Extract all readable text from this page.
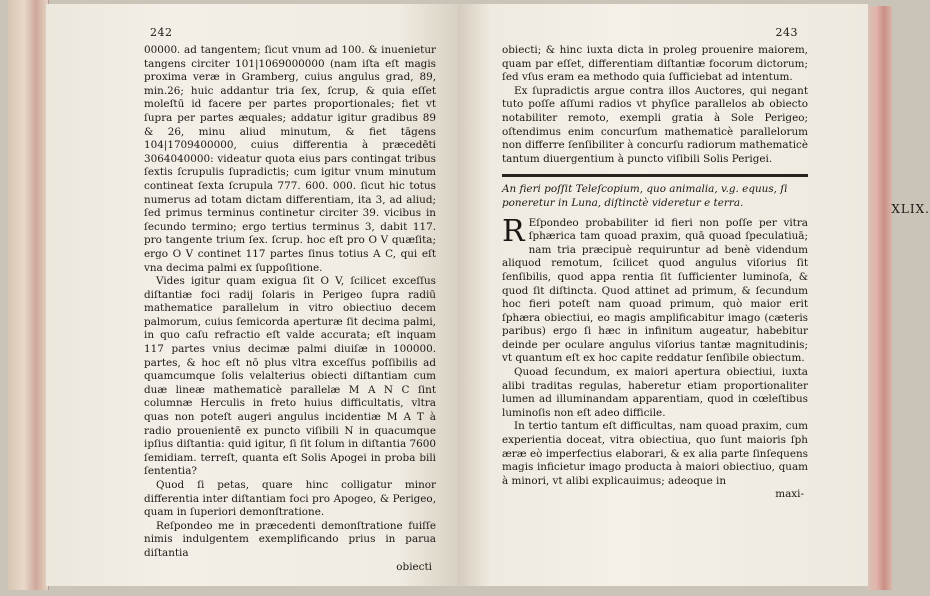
242

00000. ad tangentem; ſicut vnum ad 100. & inuenietur tangens circiter 101|1069000000 (nam iſta eſt magis proxima veræ in Gramberg, cuius angulus grad, 89, min.26; huic addantur tria ſex, ſcrup, & quia eſſet moleſtū id facere per partes proportionales; fiet vt ſupra per partes æquales; addatur igitur gradibus 89 & 26, minu aliud minutum, & fiet tāgens 104|1709400000, cuius differentia à præcedēti 3064040000: videatur quota eius pars contingat tribus ſextis ſcrupulis ſupradictis; cum igitur vnum minutum contineat ſexta ſcrupula 777. 600. 000. ſicut hic totus numerus ad totam dictam differentiam, ita 3, ad aliud; ſed primus terminus continetur circiter 39. vicibus in ſecundo termino; ergo tertius terminus 3, dabit 117. pro tangente trium ſex. ſcrup. hoc eſt pro O V quæſita; ergo O V continet 117 partes ſinus totius A C, qui eſt vna decima palmi ex ſuppoſitione.

Vides igitur quam exigua ſit O V, ſcilicet exceſſus diſtantiæ foci radij ſolaris in Perigeo ſupra radiū mathematice parallelum in vitro obiectiuo decem palmorum, cuius ſemicorda aperturæ ſit decima palmi, in quo caſu refractio eſt valde accurata; eſt inquam 117 partes vnius decimæ palmi diuiſæ in 100000. partes, & hoc eſt nō plus vltra exceſſus poſſibilis ad quamcumque ſolis velalterius obiecti diſtantiam cum duæ lineæ mathematicè parallelæ M A N C ſint columnæ Herculis in freto huius difficultatis, vltra quas non poteſt augeri angulus incidentiæ M A T à radio prouenientē ex puncto viſibili N in quacumque ipſius diſtantia: quid igitur, ſi ſit ſolum in diſtantia 7600 ſemidiam. terreſt, quanta eſt Solis Apogei in proba bili ſententia?

Quod ſi petas, quare hinc colligatur minor differentia inter diſtantiam foci pro Apogeo, & Perigeo, quam in ſuperiori demonſtratione.

Reſpondeo me in præcedenti demonſtratione fuiſſe nimis indulgentem exemplificando prius in parua diſtantia

obiecti
243

obiecti; & hinc iuxta dicta in proleg prouenire maiorem, quam par eſſet, differentiam diſtantiæ focorum dictorum; ſed vſus eram ea methodo quia ſufficiebat ad intentum.

Ex ſupradictis argue contra illos Auctores, qui negant tuto poſſe aſſumi radios vt phyſice parallelos ab obiecto notabiliter remoto, exempli gratia à Sole Perigeo; oſtendimus enim concurſum mathematicè parallelorum non differre ſenſibiliter à concurſu radiorum mathematicè tantum diuergentium à puncto viſibili Solis Perigei.

An fieri poſſit Teleſcopium, quo animalia, v.g. equus, ſi poneretur in Luna, diſtinctè videretur e terra.

R Eſpondeo probabiliter id fieri non poſſe per vitra ſphærica tam quoad praxim, quā quoad ſpeculatiuā; nam tria præcipuè requiruntur ad benè videndum aliquod remotum, ſcilicet quod angulus viſorius ſit ſenſibilis, quod appa rentia ſit ſufficienter luminoſa, & quod ſit diſtincta. Quod attinet ad primum, & ſecundum hoc fieri poteſt nam quoad primum, quò maior erit ſphæra obiectiui, eo magis amplificabitur imago (cæteris paribus) ergo ſi hæc in infinitum augeatur, habebitur deinde per oculare angulus viſorius tantæ magnitudinis; vt quantum eſt ex hoc capite reddatur ſenſibile obiectum.

Quoad ſecundum, ex maiori apertura obiectiui, iuxta alibi traditas regulas, haberetur etiam proportionaliter lumen ad illuminandam apparentiam, quod in cœleſtibus luminoſis non eſt adeo difficile.

In tertio tantum eſt difficultas, nam quoad praxim, cum experientia doceat, vitra obiectiua, quo ſunt maioris ſph æræ eò imperfectius elaborari, & ex alia parte ſinſequens magis inficietur imago producta à maiori obiectiuo, quam à minori, vt alibi explicauimus; adeoque in

maxi-
XLIX.
